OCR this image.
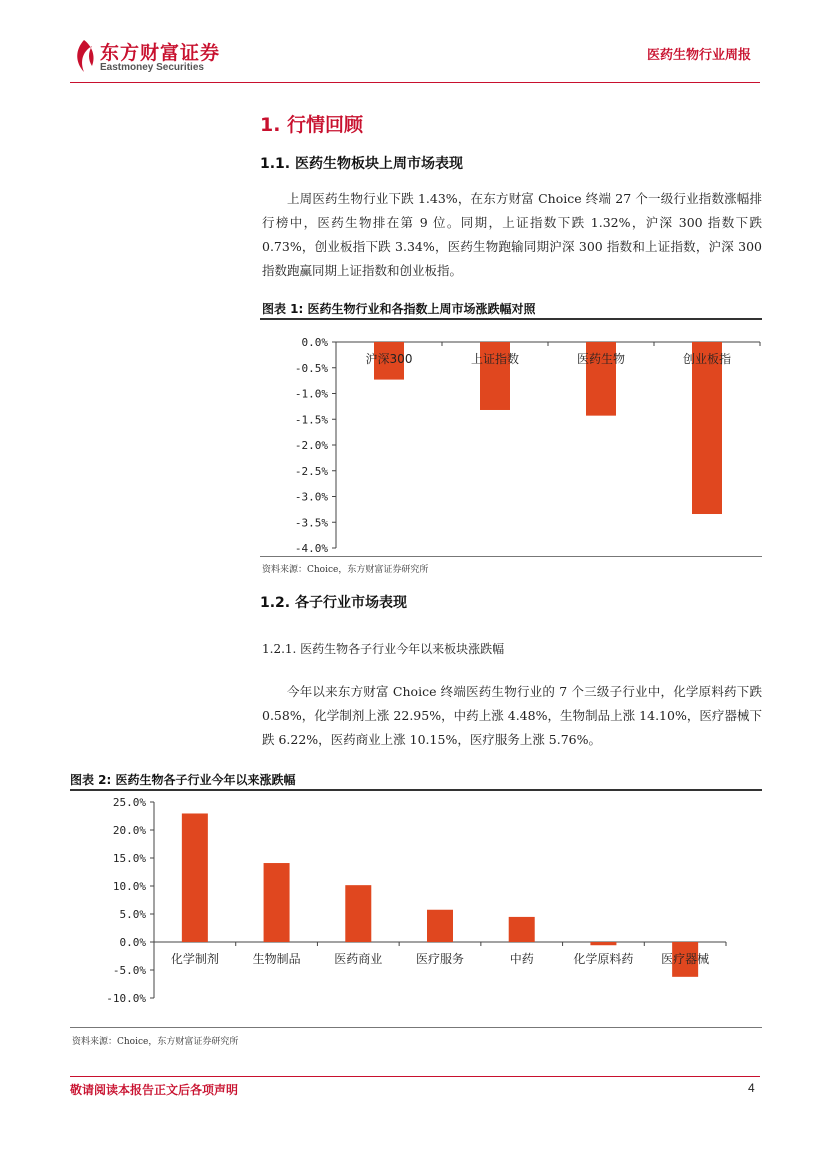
东方财富证券
Eastmoney Securities
医药生物行业周报
1. 行情回顾
1.1. 医药生物板块上周市场表现
上周医药生物行业下跌 1.43%，在东方财富 Choice 终端 27 个一级行业指数涨幅排行榜中，医药生物排在第 9 位。同期，上证指数下跌 1.32%，沪深 300 指数下跌 0.73%，创业板指下跌 3.34%，医药生物跑输同期沪深 300 指数和上证指数，沪深 300 指数跑赢同期上证指数和创业板指。
图表 1: 医药生物行业和各指数上周市场涨跌幅对照
0.0%
-0.5%
-1.0%
-1.5%
-2.0%
-2.5%
-3.0%
-3.5%
-4.0%
沪深300	上证指数	医药生物	创业板指
资料来源：Choice，东方财富证券研究所
1.2. 各子行业市场表现
1.2.1. 医药生物各子行业今年以来板块涨跌幅
今年以来东方财富 Choice 终端医药生物行业的 7 个三级子行业中，化学原料药下跌 0.58%，化学制剂上涨 22.95%，中药上涨 4.48%，生物制品上涨 14.10%，医疗器械下跌 6.22%，医药商业上涨 10.15%，医疗服务上涨 5.76%。
图表 2: 医药生物各子行业今年以来涨跌幅
25.0%
20.0%
15.0%
10.0%
5.0%
0.0%
-5.0%
-10.0%
化学制剂	生物制品	医药商业	医疗服务	中药	化学原料药 医疗器械
资料来源：Choice，东方财富证券研究所
敬请阅读本报告正文后各项声明	4
